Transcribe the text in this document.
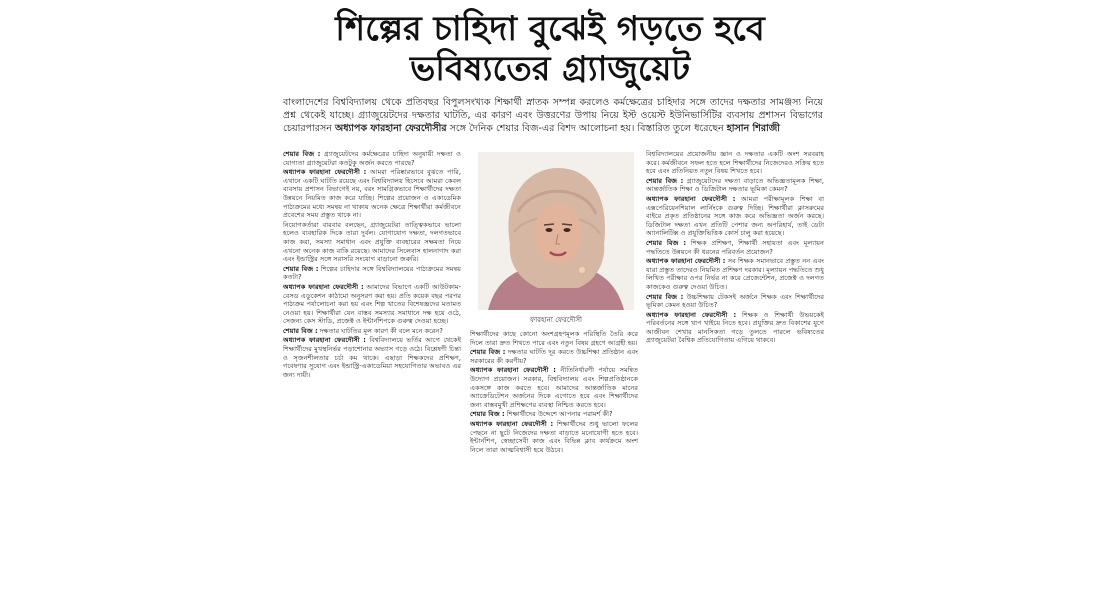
শিল্পের চাহিদা বুঝেই গড়তে হবে
ভবিষ্যতের গ্র্যাজুয়েট
বাংলাদেশের বিশ্ববিদ্যালয় থেকে প্রতিবছর বিপুলসংখ্যক শিক্ষার্থী স্নাতক সম্পন্ন করলেও কর্মক্ষেত্রের চাহিদার সঙ্গে তাদের দক্ষতার সামঞ্জস্য নিয়ে প্রশ্ন থেকেই যাচ্ছে। গ্র্যাজুয়েটদের দক্ষতার ঘাটতি, এর কারণ এবং উত্তরণের উপায় নিয়ে ইস্ট ওয়েস্ট ইউনিভার্সিটির ব্যবসায় প্রশাসন বিভাগের চেয়ারপারসন অধ্যাপক ফারহানা ফেরদৌসীর সঙ্গে দৈনিক শেয়ার বিজ-এর বিশদ আলোচনা হয়। বিস্তারিত তুলে ধরেছেন হাসান শিরাজী

শেয়ার বিজ : গ্র্যাজুয়েটদের কর্মক্ষেত্রের চাহিদা অনুযায়ী দক্ষতা ও যোগ্যতা গ্র্যাজুয়েটরা কতটুকু অর্জন করতে পারছে?

অধ্যাপক ফারহানা ফেরদৌসী : আমরা পরিষ্কারভাবে বুঝতে পারি, এখানে একটি ঘাটতি রয়েছে এবং বিশ্ববিদ্যালয় হিসেবে আমরা কেবল ব্যবসায় প্রশাসন বিভাগেই নয়, বরং সামগ্রিকভাবে শিক্ষার্থীদের দক্ষতা উন্নয়নে নিয়মিত কাজ করে যাচ্ছি। শিল্পের প্রয়োজন ও একাডেমিক পাঠ্যক্রমের মধ্যে সমন্বয় না থাকায় অনেক ক্ষেত্রে শিক্ষার্থীরা কর্মজীবনে প্রবেশের সময় প্রস্তুত থাকে না।

নিয়োগকর্তারা বারবার বলছেন, গ্র্যাজুয়েটরা তাত্ত্বিকভাবে ভালো হলেও ব্যবহারিক দিকে তারা দুর্বল। যোগাযোগ দক্ষতা, দলগতভাবে কাজ করা, সমস্যা সমাধান এবং প্রযুক্তি ব্যবহারের সক্ষমতা নিয়ে এখনো অনেক কাজ বাকি রয়েছে। আমাদের সিলেবাস হালনাগাদ করা এবং ইন্ডাস্ট্রির সঙ্গে সরাসরি সংযোগ বাড়ানো জরুরি।

শেয়ার বিজ : শিল্পের চাহিদার সঙ্গে বিশ্ববিদ্যালয়ের পাঠ্যক্রমের সমন্বয় কতটা?

অধ্যাপক ফারহানা ফেরদৌসী : আমাদের বিভাগে একটি আউটকাম-বেসড এডুকেশন কাঠামো অনুসরণ করা হয়। প্রতি কয়েক বছর পরপর পাঠ্যক্রম পর্যালোচনা করা হয় এবং শিল্প খাতের বিশেষজ্ঞদের মতামত নেওয়া হয়। শিক্ষার্থীরা যেন বাস্তব সমস্যার সমাধানে দক্ষ হয়ে ওঠে, সেজন্য কেস স্টাডি, প্রজেক্ট ও ইন্টার্নশিপকে গুরুত্ব দেওয়া হচ্ছে।

শেয়ার বিজ : দক্ষতার ঘাটতির মূল কারণ কী বলে মনে করেন?

অধ্যাপক ফারহানা ফেরদৌসী : বিশ্ববিদ্যালয়ে ভর্তির আগে থেকেই শিক্ষার্থীদের মুখস্থনির্ভর পড়াশোনার অভ্যাস গড়ে ওঠে। বিশ্লেষণী চিন্তা ও সৃজনশীলতার চর্চা কম থাকে। এছাড়া শিক্ষকদের প্রশিক্ষণ, গবেষণার সুযোগ এবং ইন্ডাস্ট্রি-একাডেমিয়া সহযোগিতার অভাবও এর জন্য দায়ী।

ফারহানা ফেরদৌসী

শিক্ষার্থীদের কাছে কোনো অংশগ্রহণমূলক পরিস্থিতি তৈরি করে দিলে তারা দ্রুত শিখতে পারে এবং নতুন বিষয় গ্রহণে আগ্রহী হয়।

শেয়ার বিজ : দক্ষতার ঘাটতি দূর করতে উচ্চশিক্ষা প্রতিষ্ঠান এবং সরকারের কী করণীয়?

অধ্যাপক ফারহানা ফেরদৌসী : নীতিনির্ধারণী পর্যায়ে সমন্বিত উদ্যোগ প্রয়োজন। সরকার, বিশ্ববিদ্যালয় এবং শিল্পপ্রতিষ্ঠানকে একসঙ্গে কাজ করতে হবে। আমাদের আন্তর্জাতিক মানের অ্যাক্রেডিটেশন অর্জনের দিকে এগোতে হবে এবং শিক্ষার্থীদের জন্য বাস্তবমুখী প্রশিক্ষণের ব্যবস্থা নিশ্চিত করতে হবে।

শেয়ার বিজ : শিক্ষার্থীদের উদ্দেশে আপনার পরামর্শ কী?

অধ্যাপক ফারহানা ফেরদৌসী : শিক্ষার্থীদের শুধু ভালো ফলের পেছনে না ছুটে নিজেদের দক্ষতা বাড়াতে মনোযোগী হতে হবে। ইন্টার্নশিপ, স্বেচ্ছাসেবী কাজ এবং বিভিন্ন ক্লাব কার্যক্রমে অংশ নিলে তারা আত্মবিশ্বাসী হয়ে উঠবে।

বিশ্ববিদ্যালয়ের প্রয়োজনীয় জ্ঞান ও দক্ষতার একটি অংশ সরবরাহ করে। কর্মজীবনে সফল হতে হলে শিক্ষার্থীদের নিজেদেরও সক্রিয় হতে হবে এবং প্রতিনিয়ত নতুন বিষয় শিখতে হবে।

শেয়ার বিজ : গ্র্যাজুয়েটদের দক্ষতা বাড়াতে অভিজ্ঞতামূলক শিক্ষা, আন্তর্জাতিক শিক্ষা ও ডিজিটাল দক্ষতার ভূমিকা কেমন?

অধ্যাপক ফারহানা ফেরদৌসী : আমরা পরীক্ষামূলক শিক্ষা বা এক্সপেরিয়েনশিয়াল লার্নিংকে গুরুত্ব দিচ্ছি। শিক্ষার্থীরা ক্লাসরুমের বাইরে প্রকৃত প্রতিষ্ঠানের সঙ্গে কাজ করে অভিজ্ঞতা অর্জন করছে। ডিজিটাল দক্ষতা এখন প্রতিটি পেশার জন্য অপরিহার্য, তাই ডেটা অ্যানালিটিক্স ও প্রযুক্তিভিত্তিক কোর্স চালু করা হয়েছে।

শেয়ার বিজ : শিক্ষক প্রশিক্ষণ, শিক্ষার্থী সহায়তা এবং মূল্যায়ন পদ্ধতিতে উন্নয়নে কী ধরনের পরিবর্তন প্রয়োজন?

অধ্যাপক ফারহানা ফেরদৌসী : সব শিক্ষক সমানভাবে প্রস্তুত নন এবং যারা প্রস্তুত তাদেরও নিয়মিত প্রশিক্ষণ দরকার। মূল্যায়ন পদ্ধতিতে শুধু লিখিত পরীক্ষার ওপর নির্ভর না করে প্রেজেন্টেশন, প্রজেক্ট ও দলগত কাজকেও গুরুত্ব দেওয়া উচিত।

শেয়ার বিজ : উচ্চশিক্ষায় টেকসই অর্জনে শিক্ষক এবং শিক্ষার্থীদের ভূমিকা কেমন হওয়া উচিত?

অধ্যাপক ফারহানা ফেরদৌসী : শিক্ষক ও শিক্ষার্থী উভয়কেই পরিবর্তনের সঙ্গে খাপ খাইয়ে নিতে হবে। প্রযুক্তির দ্রুত বিকাশের যুগে আজীবন শেখার মানসিকতা গড়ে তুলতে পারলে ভবিষ্যতের গ্র্যাজুয়েটরা বৈশ্বিক প্রতিযোগিতায় এগিয়ে থাকবে।
